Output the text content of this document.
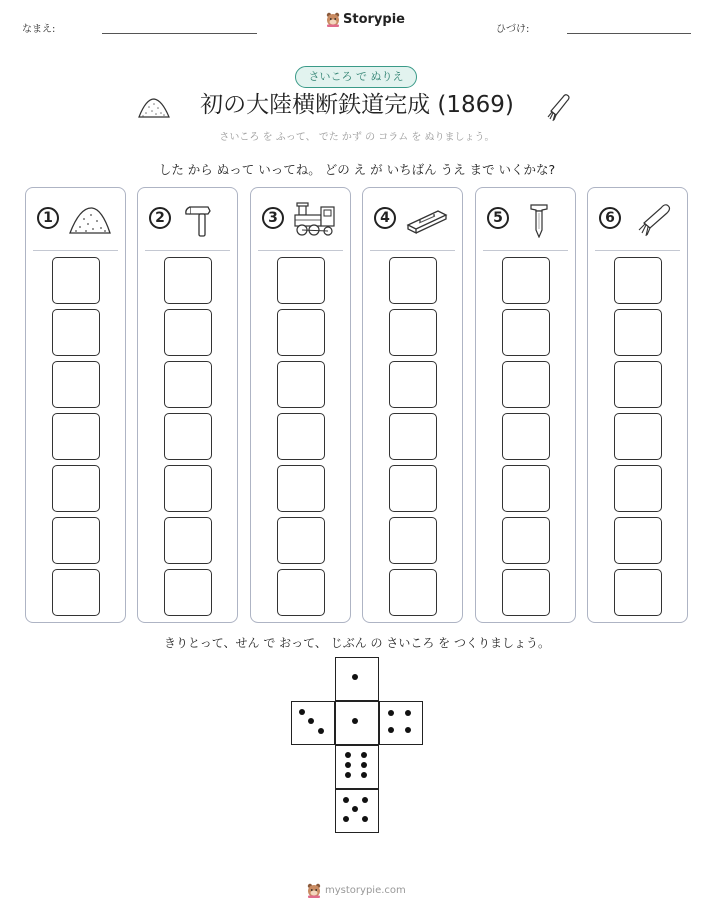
なまえ:
Storypie
ひづけ:
さいころ で ぬりえ
初の大陸横断鉄道完成 (1869)
さいころ を ふって、 でた かず の コラム を ぬりましょう。
した から ぬって いってね。 どの え が いちばん うえ まで いくかな?
1	2	3	4	5	6
きりとって、せん で おって、 じぶん の さいころ を つくりましょう。
mystorypie.com
